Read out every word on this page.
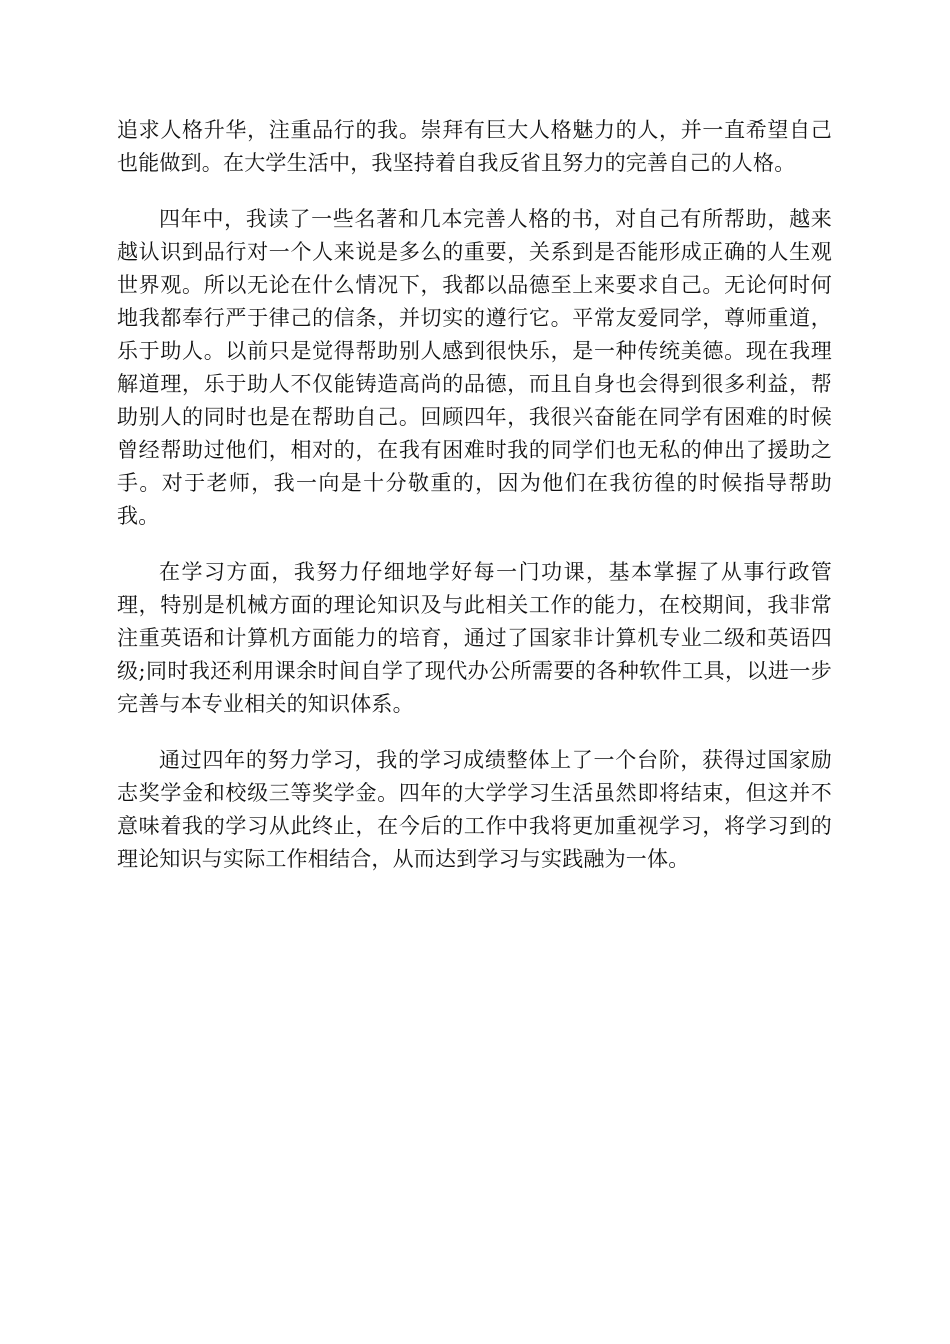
追求人格升华，注重品行的我。崇拜有巨大人格魅力的人，并一直希望自己也能做到。在大学生活中，我坚持着自我反省且努力的完善自己的人格。

四年中，我读了一些名著和几本完善人格的书，对自己有所帮助，越来越认识到品行对一个人来说是多么的重要，关系到是否能形成正确的人生观世界观。所以无论在什么情况下，我都以品德至上来要求自己。无论何时何地我都奉行严于律己的信条，并切实的遵行它。平常友爱同学，尊师重道，乐于助人。以前只是觉得帮助别人感到很快乐，是一种传统美德。现在我理解道理，乐于助人不仅能铸造高尚的品德，而且自身也会得到很多利益，帮助别人的同时也是在帮助自己。回顾四年，我很兴奋能在同学有困难的时候曾经帮助过他们，相对的，在我有困难时我的同学们也无私的伸出了援助之手。对于老师，我一向是十分敬重的，因为他们在我彷徨的时候指导帮助我。

在学习方面，我努力仔细地学好每一门功课，基本掌握了从事行政管理，特别是机械方面的理论知识及与此相关工作的能力，在校期间，我非常注重英语和计算机方面能力的培育，通过了国家非计算机专业二级和英语四级;同时我还利用课余时间自学了现代办公所需要的各种软件工具，以进一步完善与本专业相关的知识体系。

通过四年的努力学习，我的学习成绩整体上了一个台阶，获得过国家励志奖学金和校级三等奖学金。四年的大学学习生活虽然即将结束，但这并不意味着我的学习从此终止，在今后的工作中我将更加重视学习，将学习到的理论知识与实际工作相结合，从而达到学习与实践融为一体。
